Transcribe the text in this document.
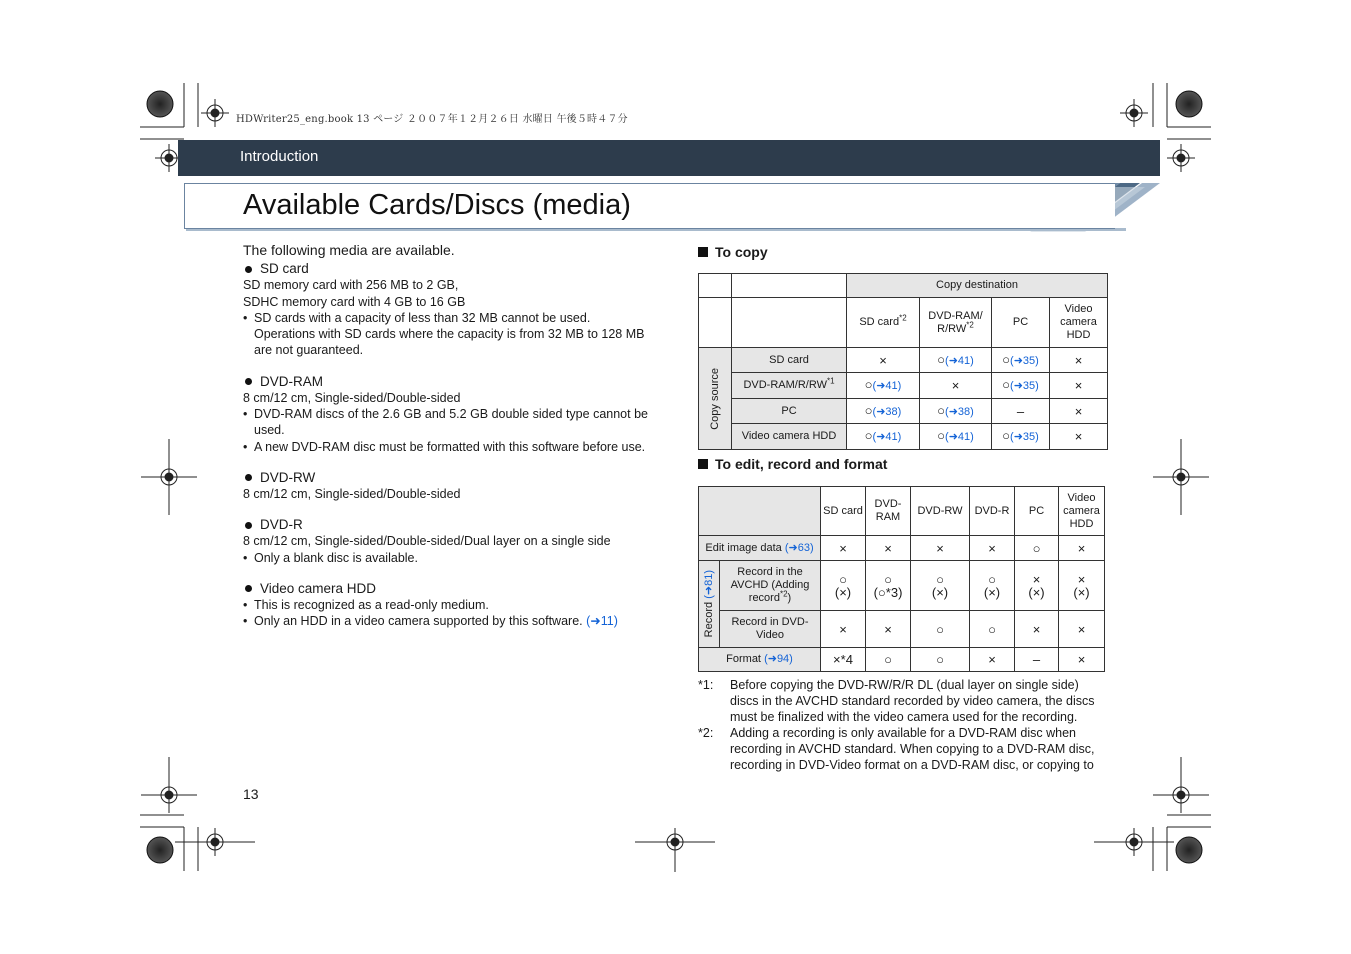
HDWriter25_eng.book 13 ページ ２００７年１２月２６日 水曜日 午後５時４７分
Introduction
Available Cards/Discs (media)

The following media are available.

SD card

SD memory card with 256 MB to 2 GB,

SDHC memory card with 4 GB to 16 GB

• SD cards with a capacity of less than 32 MB cannot be used. Operations with SD cards where the capacity is from 32 MB to 128 MB are not guaranteed.

DVD-RAM

8 cm/12 cm, Single-sided/Double-sided

• DVD-RAM discs of the 2.6 GB and 5.2 GB double sided type cannot be used.

• A new DVD-RAM disc must be formatted with this software before use.

DVD-RW

8 cm/12 cm, Single-sided/Double-sided

DVD-R

8 cm/12 cm, Single-sided/Double-sided/Dual layer on a single side

• Only a blank disc is available.

Video camera HDD

• This is recognized as a read-only medium.

• Only an HDD in a video camera supported by this software. (➜11)

To copy
		Copy destination			
		SD card$^{*2}$	DVD-RAM/ R/RW$^{*2}$	PC	Video camera HDD

Copy source	SD card	×	○(➜41)	○(➜35)	×
	DVD-RAM/R/RW$^{*1}$	○(➜41)	×	○(➜35)	×
	PC	○(➜38)	○(➜38)	–	×
	Video camera HDD	○(➜41)	○(➜41)	○(➜35)	×
To edit, record and format
		SD card	DVD-RAM	DVD-RW	DVD-R	PC	Video camera HDD
Edit image data (➜63)		×	×	×	×	○	×

Record (➜81)	Record in the AVCHD (Adding record$^{*2}$)	○
(×)	○
(○*3)	○
(×)	○
(×)	×
(×)	×
(×)
	Record in DVD-Video	×	×	○	○	×	×
Format (➜94)		×*4	○	○	×	–	×

*1: Before copying the DVD-RW/R/R DL (dual layer on single side) discs in the AVCHD standard recorded by video camera, the discs must be finalized with the video camera used for the recording.

*2: Adding a recording is only available for a DVD-RAM disc when recording in AVCHD standard. When copying to a DVD-RAM disc, recording in DVD-Video format on a DVD-RAM disc, or copying to

13
